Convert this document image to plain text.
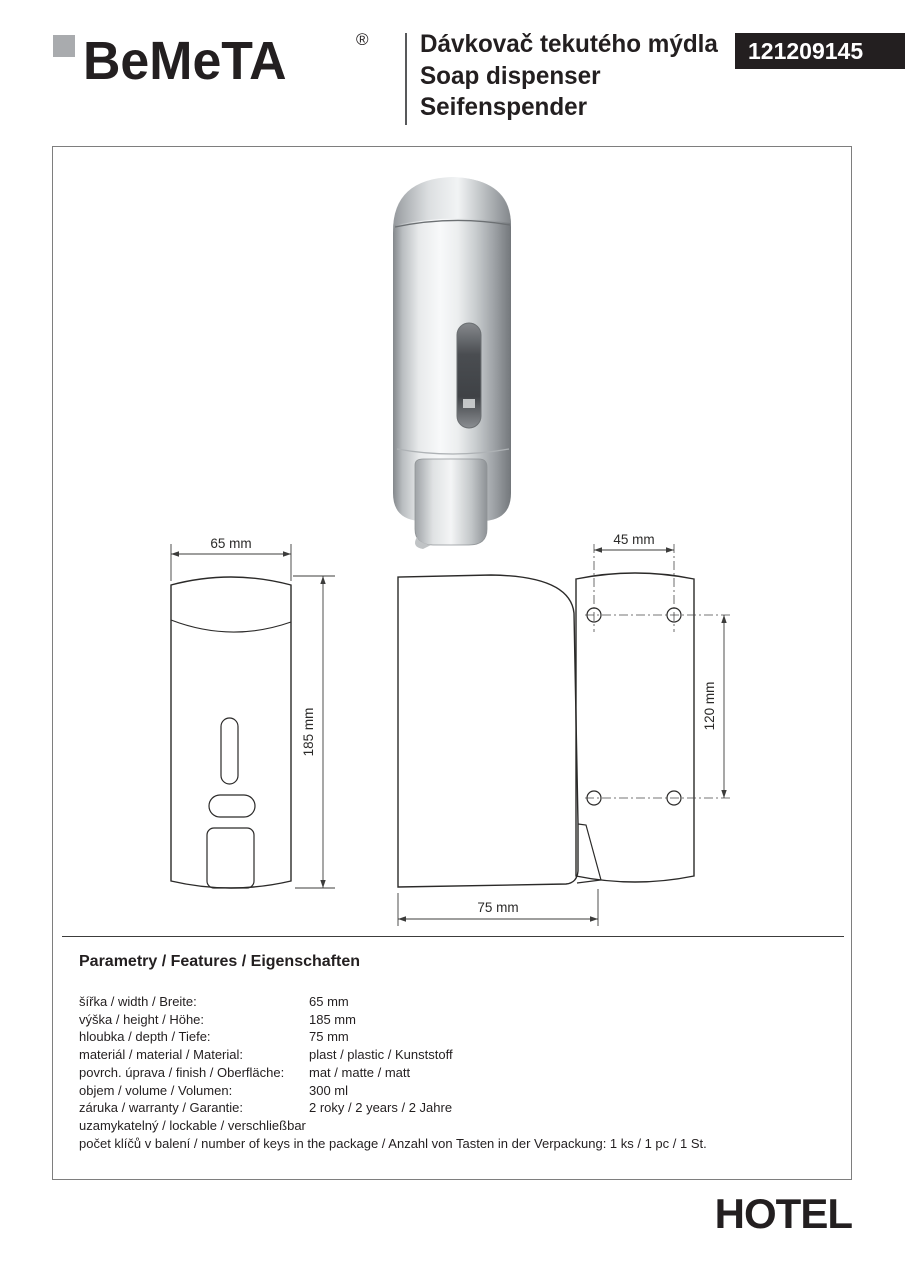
BeMeTA	® Dávkovač tekutého mýdla
Soap dispenser
Seifenspender
121209145
65 mm
185 mm
75 mm
45 mm
120 mm
Parametry / Features / Eigenschaften
šířka / width / Breite:	65 mm
výška / height / Höhe:	185 mm
hloubka / depth / Tiefe:	75 mm
materiál / material / Material:	plast / plastic / Kunststoff
povrch. úprava / finish / Oberfläche: mat / matte / matt
objem / volume / Volumen:	300 ml
záruka / warranty / Garantie:	2 roky / 2 years / 2 Jahre
uzamykatelný / lockable / verschließbar
počet klíčů v balení / number of keys in the package / Anzahl von Tasten in der Verpackung: 1 ks / 1 pc / 1 St.
HOTEL
